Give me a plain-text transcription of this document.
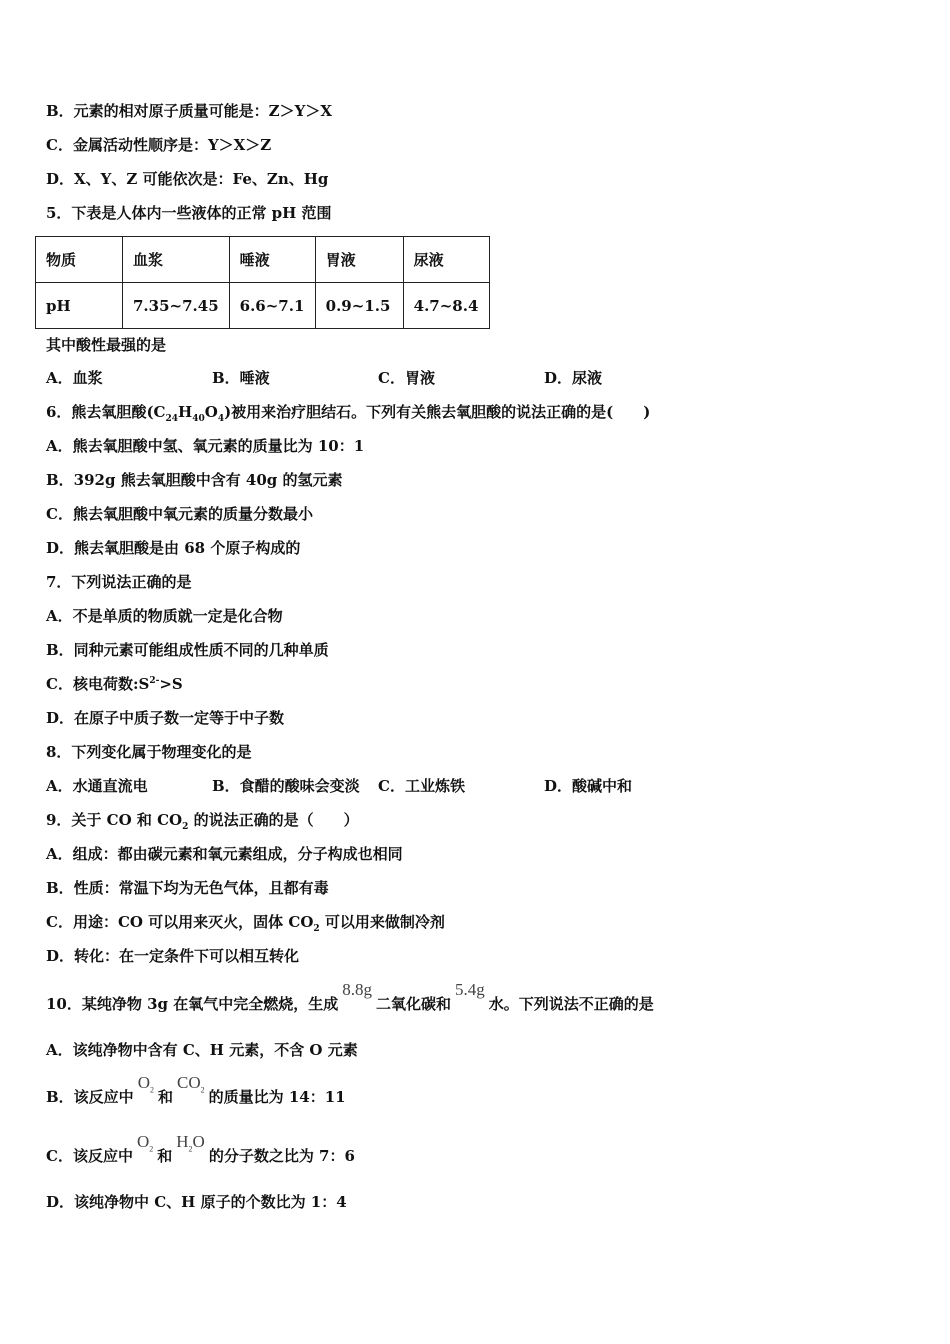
B．元素的相对原子质量可能是：Z＞Y＞X
C．金属活动性顺序是：Y＞X＞Z
D．X、Y、Z 可能依次是：Fe、Zn、Hg
5．下表是人体内一些液体的正常 pH 范围
物质	血浆	唾液	胃液	尿液
pH	7.35~7.45	6.6~7.1	0.9~1.5	4.7~8.4
其中酸性最强的是
A．血浆	B．唾液	C．胃液	D．尿液
6．熊去氧胆酸$(C_{24}H_{40}O_4)$被用来治疗胆结石。下列有关熊去氧胆酸的说法正确的是(　　)
A．熊去氧胆酸中氢、氧元素的质量比为 10：1
B．392g 熊去氧胆酸中含有 40g 的氢元素
C．熊去氧胆酸中氧元素的质量分数最小
D．熊去氧胆酸是由 68 个原子构成的
7．下列说法正确的是
A．不是单质的物质就一定是化合物
B．同种元素可能组成性质不同的几种单质
C．核电荷数$:S^{2-}>S$
D．在原子中质子数一定等于中子数
8．下列变化属于物理变化的是
A．水通直流电	B．食醋的酸味会变淡 C．工业炼铁	D．酸碱中和
9．关于 CO 和 $CO_2$ 的说法正确的是（　　）
A．组成：都由碳元素和氧元素组成，分子构成也相同
B．性质：常温下均为无色气体，且都有毒
C．用途：CO 可以用来灭火，固体 $CO_2$ 可以用来做制冷剂
D．转化：在一定条件下可以相互转化
10．某纯净物 3g 在氧气中完全燃烧，生成8.8g二氧化碳和5.4g水。下列说法不正确的是
A．该纯净物中含有 C、H 元素，不含 O 元素
B．该反应中$O_2$ 和$CO_2$ 的质量比为 14：11
C．该反应中$O_2$ 和$H_2O$的分子数之比为 7：6
D．该纯净物中 C、H 原子的个数比为 1：4
